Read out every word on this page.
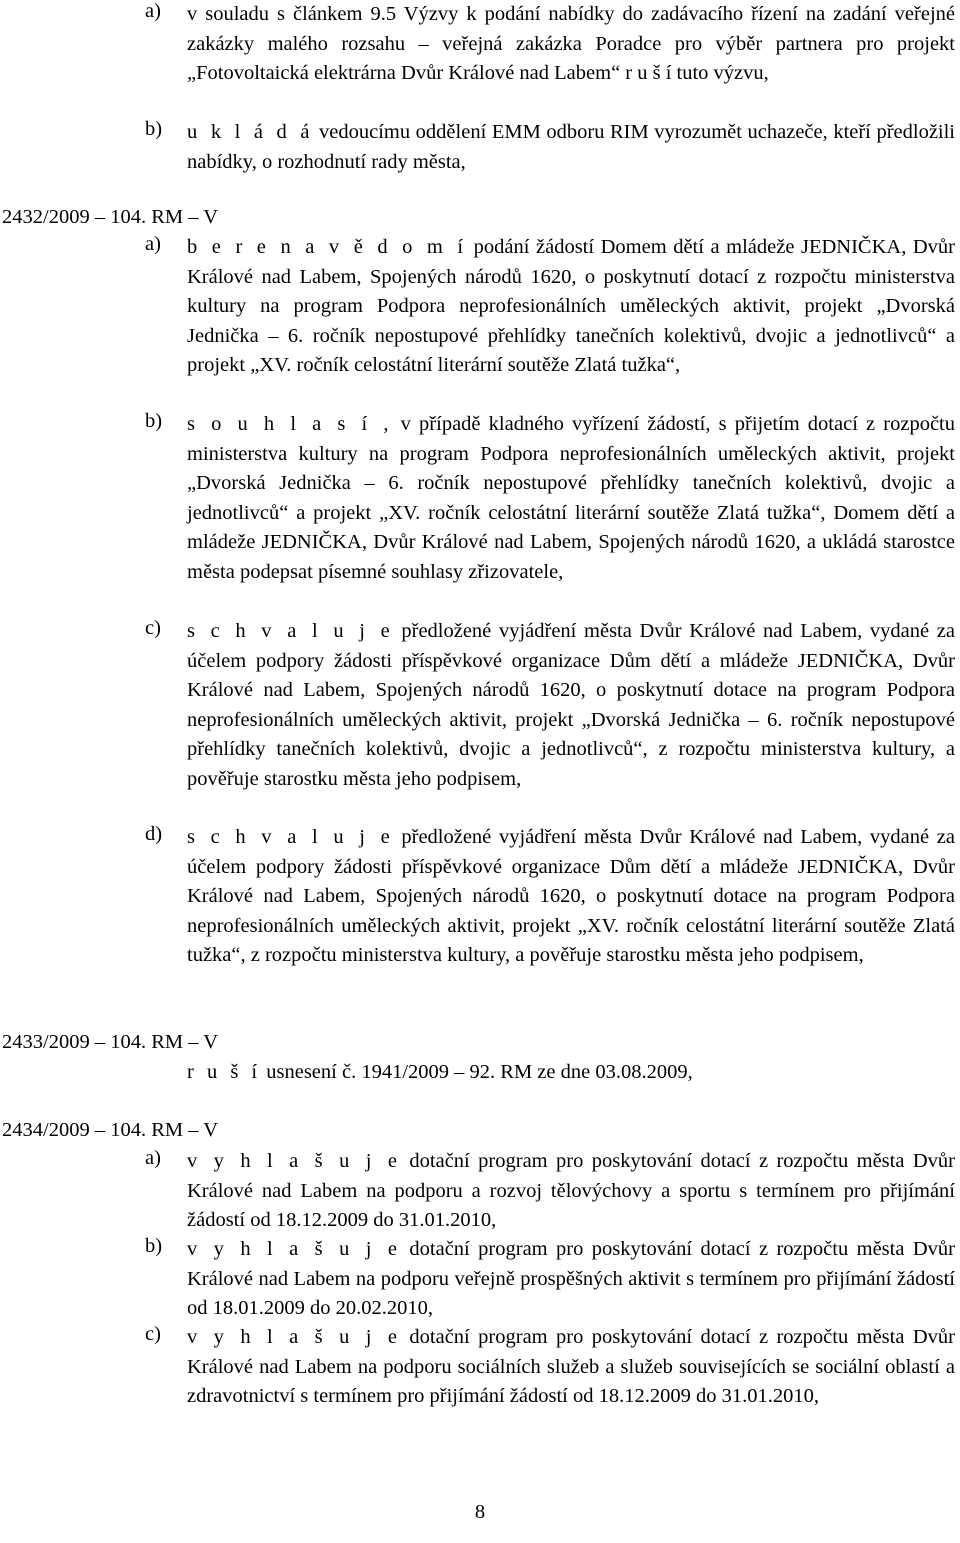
a) v souladu s článkem 9.5 Výzvy k podání nabídky do zadávacího řízení na zadání veřejné zakázky malého rozsahu – veřejná zakázka Poradce pro výběr partnera pro projekt „Fotovoltaická elektrárna Dvůr Králové nad Labem“ r u š í tuto výzvu,
b) u k l á d á vedoucímu oddělení EMM odboru RIM vyrozumět uchazeče, kteří předložili nabídky, o rozhodnutí rady města,
2432/2009 – 104. RM – V
a) b e r e n a v ě d o m í podání žádostí Domem dětí a mládeže JEDNIČKA, Dvůr Králové nad Labem, Spojených národů 1620, o poskytnutí dotací z rozpočtu ministerstva kultury na program Podpora neprofesionálních uměleckých aktivit, projekt „Dvorská Jednička – 6. ročník nepostupové přehlídky tanečních kolektivů, dvojic a jednotlivců“ a projekt „XV. ročník celostátní literární soutěže Zlatá tužka“,
b) s o u h l a s í , v případě kladného vyřízení žádostí, s přijetím dotací z rozpočtu ministerstva kultury na program Podpora neprofesionálních uměleckých aktivit, projekt „Dvorská Jednička – 6. ročník nepostupové přehlídky tanečních kolektivů, dvojic a jednotlivců“ a projekt „XV. ročník celostátní literární soutěže Zlatá tužka“, Domem dětí a mládeže JEDNIČKA, Dvůr Králové nad Labem, Spojených národů 1620, a ukládá starostce města podepsat písemné souhlasy zřizovatele,
c) s c h v a l u j e předložené vyjádření města Dvůr Králové nad Labem, vydané za účelem podpory žádosti příspěvkové organizace Dům dětí a mládeže JEDNIČKA, Dvůr Králové nad Labem, Spojených národů 1620, o poskytnutí dotace na program Podpora neprofesionálních uměleckých aktivit, projekt „Dvorská Jednička – 6. ročník nepostupové přehlídky tanečních kolektivů, dvojic a jednotlivců“, z rozpočtu ministerstva kultury, a pověřuje starostku města jeho podpisem,
d) s c h v a l u j e předložené vyjádření města Dvůr Králové nad Labem, vydané za účelem podpory žádosti příspěvkové organizace Dům dětí a mládeže JEDNIČKA, Dvůr Králové nad Labem, Spojených národů 1620, o poskytnutí dotace na program Podpora neprofesionálních uměleckých aktivit, projekt „XV. ročník celostátní literární soutěže Zlatá tužka“, z rozpočtu ministerstva kultury, a pověřuje starostku města jeho podpisem,
2433/2009 – 104. RM – V
r u š í usnesení č. 1941/2009 – 92. RM ze dne 03.08.2009,
2434/2009 – 104. RM – V
a) v y h l a š u j e dotační program pro poskytování dotací z rozpočtu města Dvůr Králové nad Labem na podporu a rozvoj tělovýchovy a sportu s termínem pro přijímání žádostí od 18.12.2009 do 31.01.2010,
b) v y h l a š u j e dotační program pro poskytování dotací z rozpočtu města Dvůr Králové nad Labem na podporu veřejně prospěšných aktivit s termínem pro přijímání žádostí od 18.01.2009 do 20.02.2010,
c) v y h l a š u j e dotační program pro poskytování dotací z rozpočtu města Dvůr Králové nad Labem na podporu sociálních služeb a služeb souvisejících se sociální oblastí a zdravotnictví s termínem pro přijímání žádostí od 18.12.2009 do 31.01.2010,
8
